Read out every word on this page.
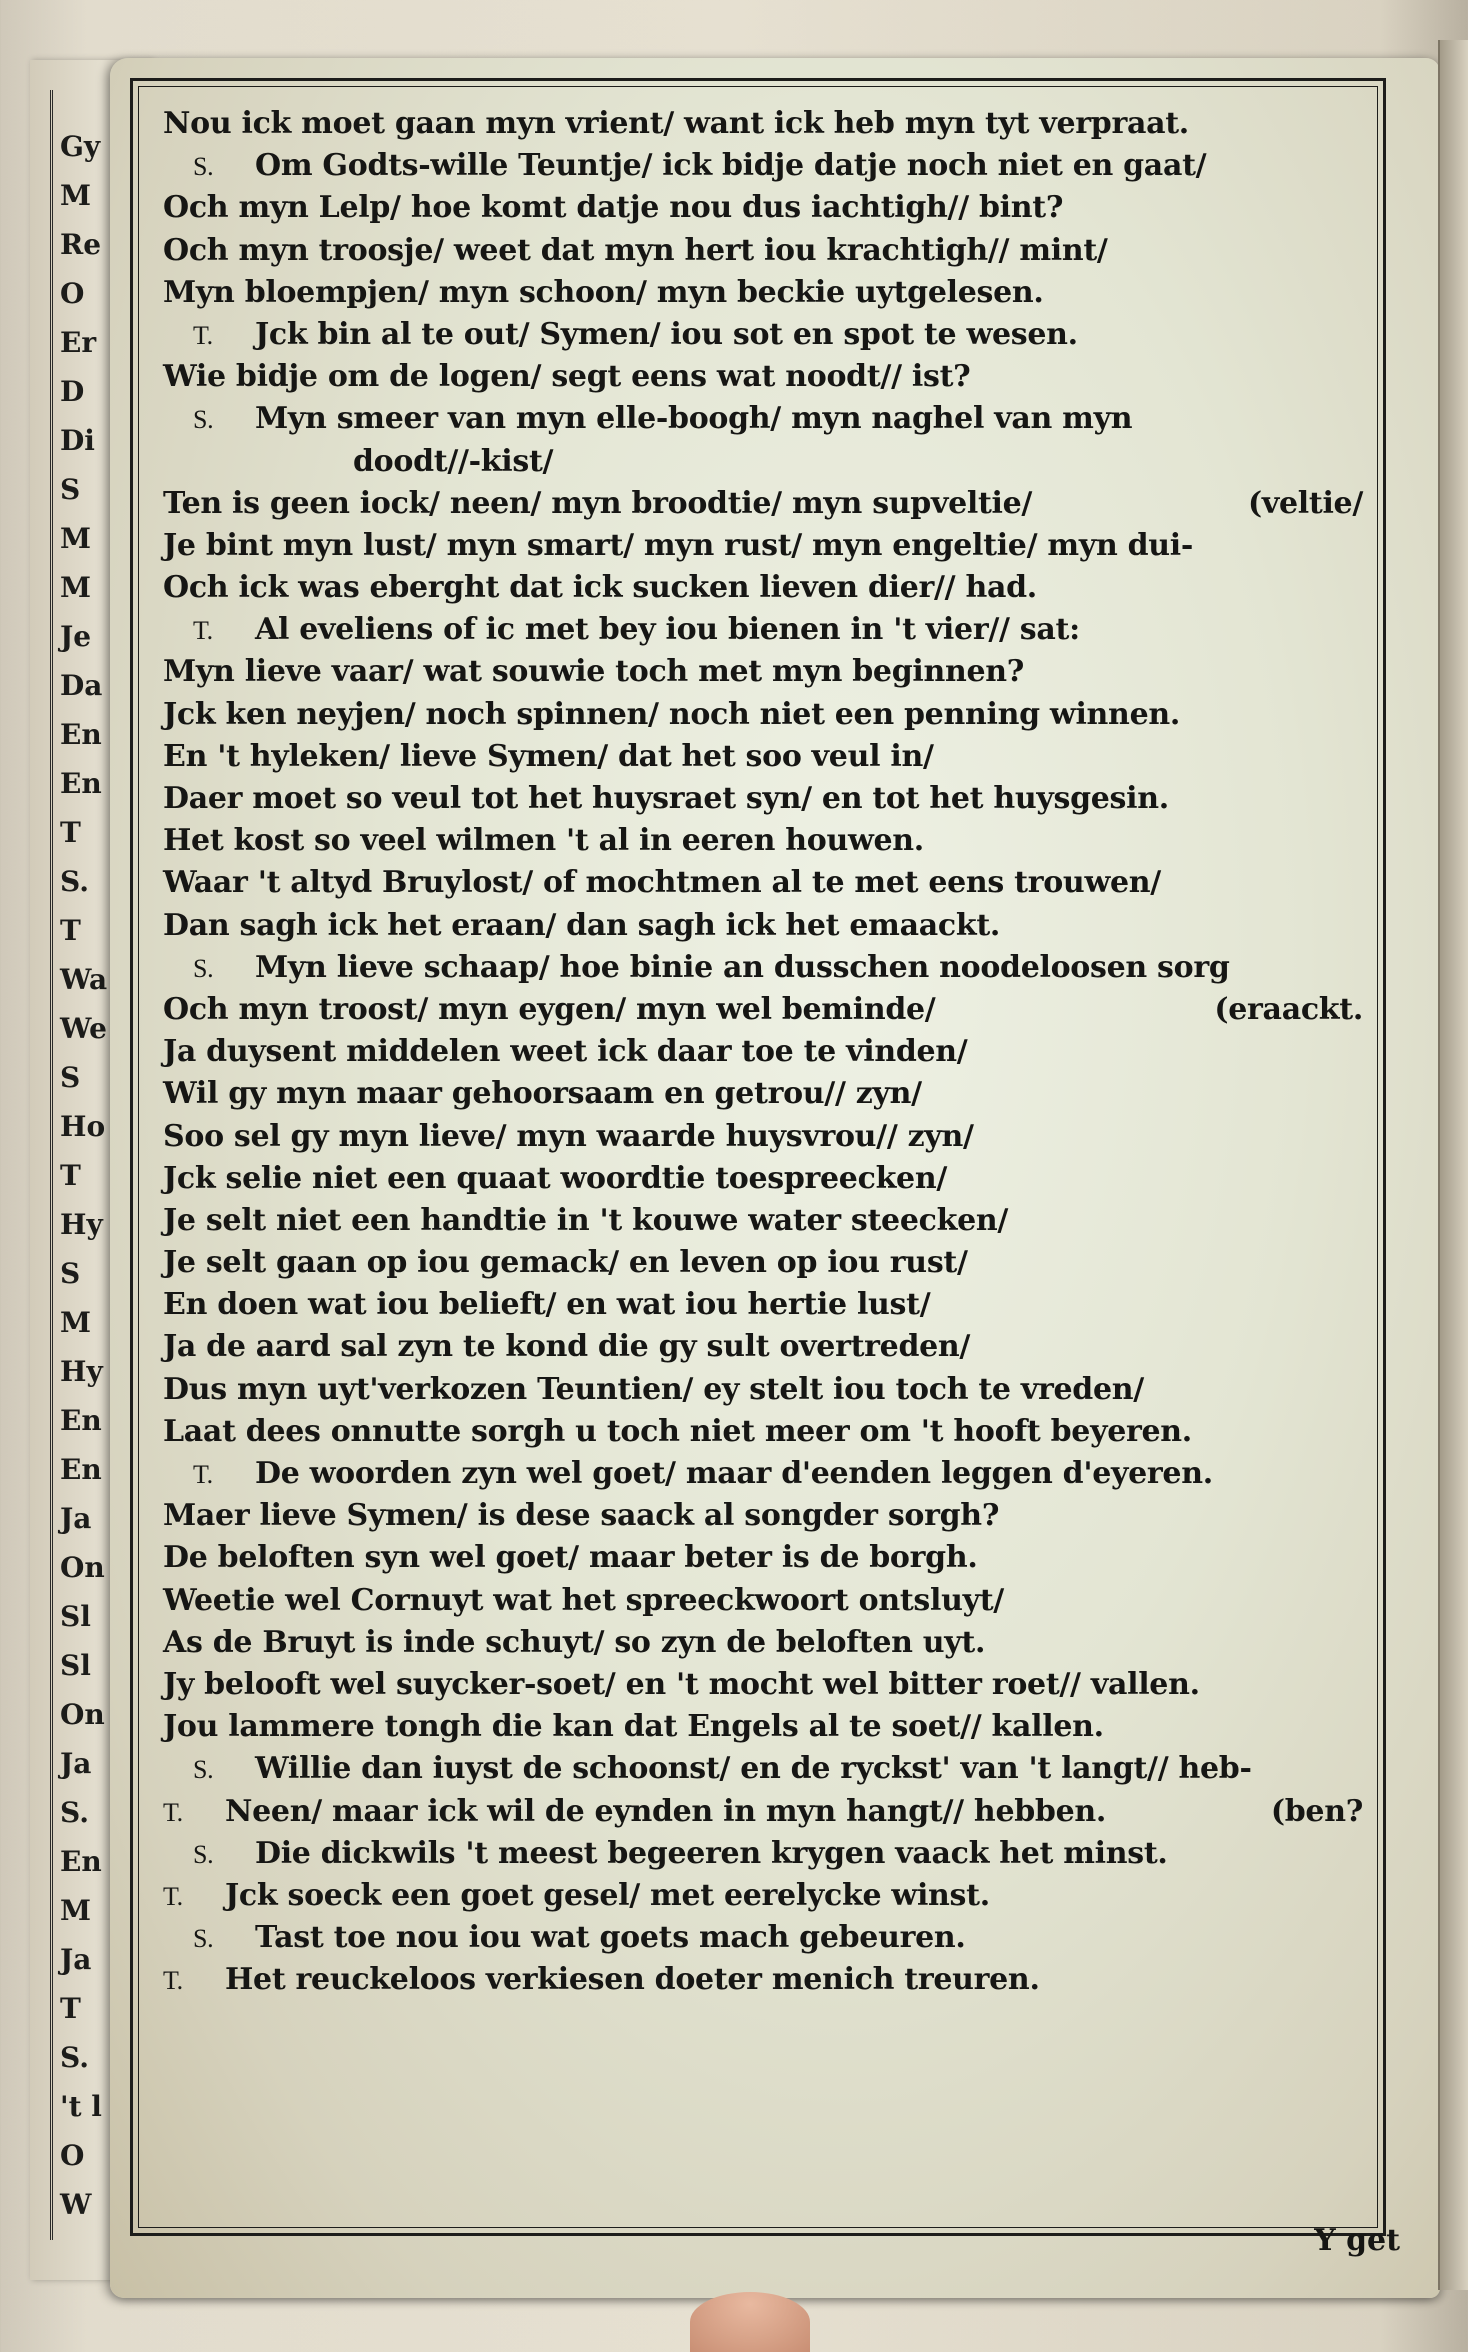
Gy
M
Re
O
Er
D
Di
S
M
M
Je
Da
En
En
T
S.
T
Wa
We
S
Ho
T
Hy
S
M
Hy
En
En
Ja
On
Sl
Sl
On
Ja
S.
En
M
Ja
T
S.
't l
O
W
Nou ick moet gaan myn vrient/ want ick heb myn tyt verpraat.
S. Om Godts-wille Teuntje/ ick bidje datje noch niet en gaat/
Och myn Lelp/ hoe komt datje nou dus iachtigh// bint?
Och myn troosje/ weet dat myn hert iou krachtigh// mint/
Myn bloempjen/ myn schoon/ myn beckie uytgelesen.
T. Jck bin al te out/ Symen/ iou sot en spot te wesen.
Wie bidje om de logen/ segt eens wat noodt// ist?
S. Myn smeer van myn elle-boogh/ myn naghel van myn
doodt//-kist/
Ten is geen iock/ neen/ myn broodtie/ myn supveltie/	(veltie/
Je bint myn lust/ myn smart/ myn rust/ myn engeltie/ myn dui-
Och ick was eberght dat ick sucken lieven dier// had.
T. Al eveliens of ic met bey iou bienen in 't vier// sat:
Myn lieve vaar/ wat souwie toch met myn beginnen?
Jck ken neyjen/ noch spinnen/ noch niet een penning winnen.
En 't hyleken/ lieve Symen/ dat het soo veul in/
Daer moet so veul tot het huysraet syn/ en tot het huysgesin.
Het kost so veel wilmen 't al in eeren houwen.
Waar 't altyd Bruylost/ of mochtmen al te met eens trouwen/
Dan sagh ick het eraan/ dan sagh ick het emaackt.
S. Myn lieve schaap/ hoe binie an dusschen noodeloosen sorg
Och myn troost/ myn eygen/ myn wel beminde/	(eraackt.
Ja duysent middelen weet ick daar toe te vinden/
Wil gy myn maar gehoorsaam en getrou// zyn/
Soo sel gy myn lieve/ myn waarde huysvrou// zyn/
Jck selie niet een quaat woordtie toespreecken/
Je selt niet een handtie in 't kouwe water steecken/
Je selt gaan op iou gemack/ en leven op iou rust/
En doen wat iou belieft/ en wat iou hertie lust/
Ja de aard sal zyn te kond die gy sult overtreden/
Dus myn uyt'verkozen Teuntien/ ey stelt iou toch te vreden/
Laat dees onnutte sorgh u toch niet meer om 't hooft beyeren.
T. De woorden zyn wel goet/ maar d'eenden leggen d'eyeren.
Maer lieve Symen/ is dese saack al songder sorgh?
De beloften syn wel goet/ maar beter is de borgh.
Weetie wel Cornuyt wat het spreeckwoort ontsluyt/
As de Bruyt is inde schuyt/ so zyn de beloften uyt.
Jy belooft wel suycker-soet/ en 't mocht wel bitter roet// vallen.
Jou lammere tongh die kan dat Engels al te soet// kallen.
S. Willie dan iuyst de schoonst/ en de ryckst' van 't langt// heb-
T. Neen/ maar ick wil de eynden in myn hangt// hebben.	(ben?
S. Die dickwils 't meest begeeren krygen vaack het minst.
T. Jck soeck een goet gesel/ met eerelycke winst.
S. Tast toe nou iou wat goets mach gebeuren.
T. Het reuckeloos verkiesen doeter menich treuren.
Y get
